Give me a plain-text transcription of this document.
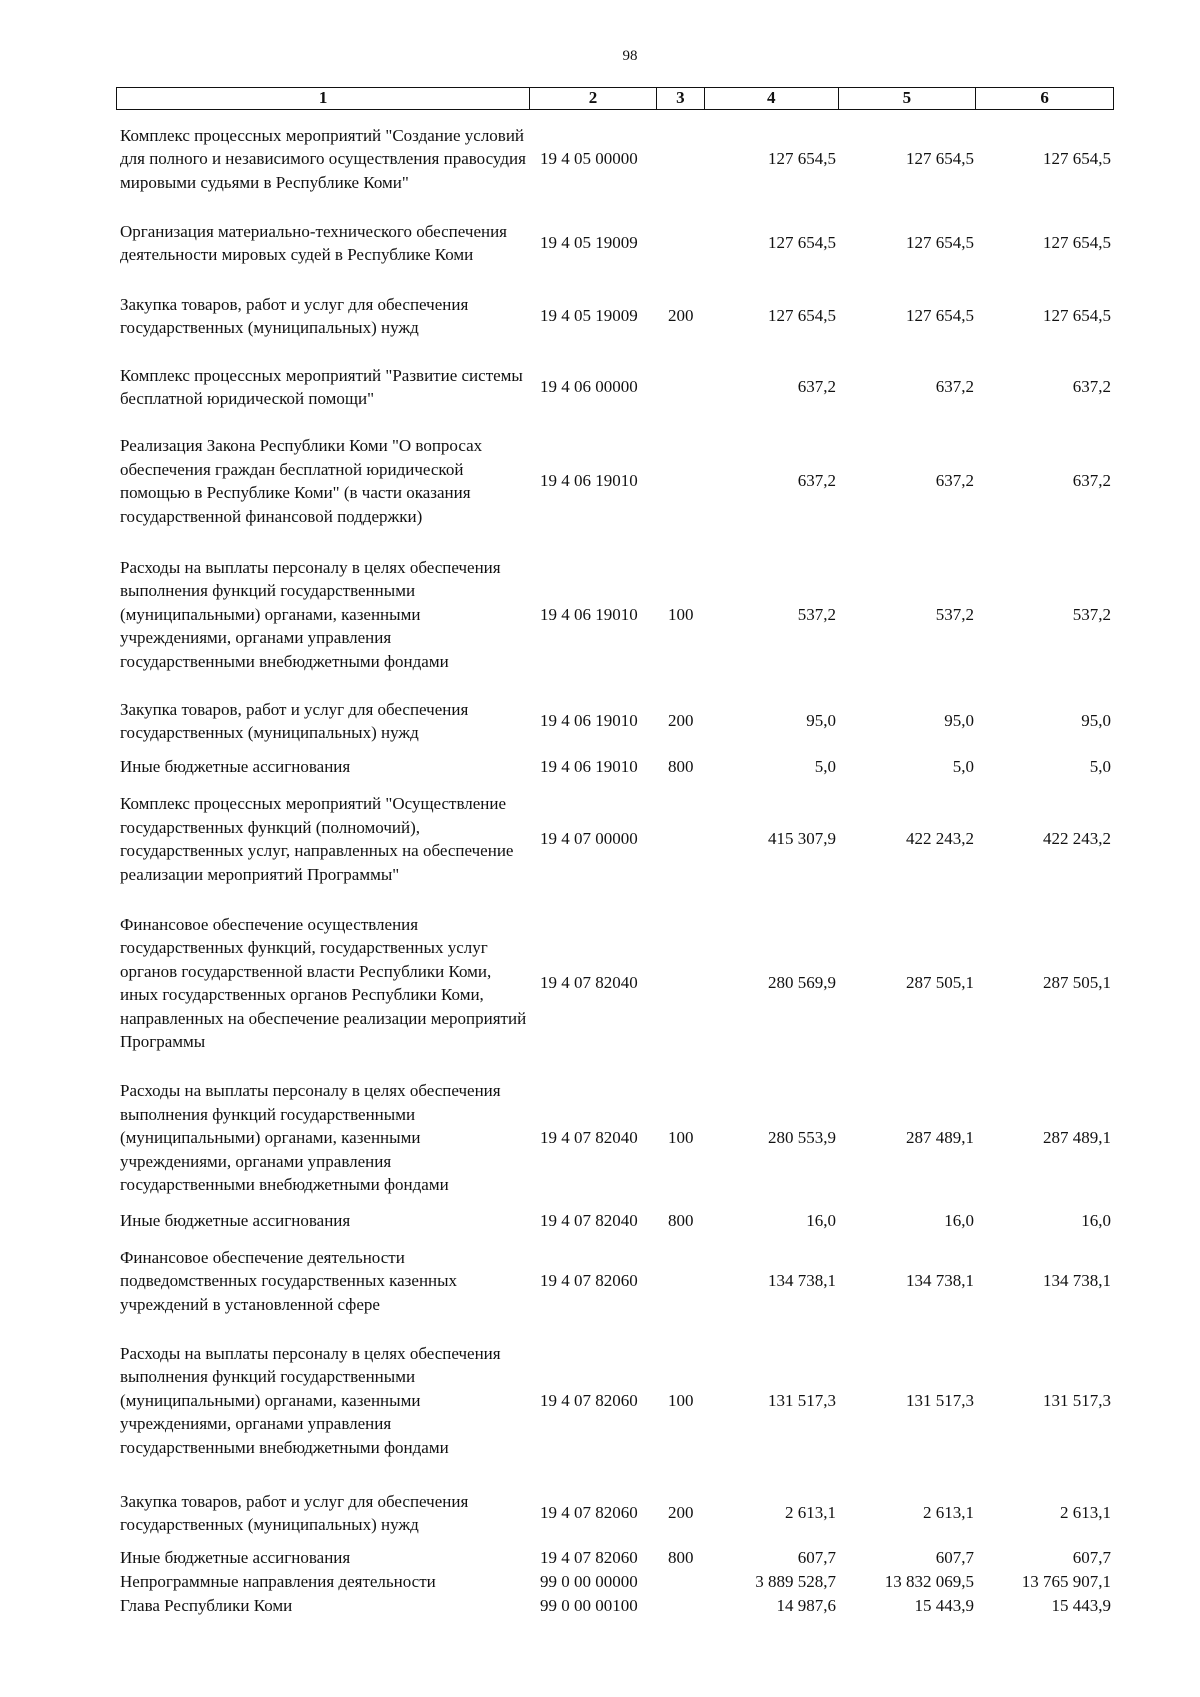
98
1	2	3	4	5	6
Комплекс процессных мероприятий "Создание условий для полного и независимого осуществления правосудия мировыми судьями в Республике Коми"
19 4 05 00000	127 654,5	127 654,5	127 654,5
Организация материально-технического обеспечения деятельности мировых судей в Республике Коми
19 4 05 19009	127 654,5	127 654,5	127 654,5
Закупка товаров, работ и услуг для обеспечения государственных (муниципальных) нужд
19 4 05 19009	200	127 654,5	127 654,5	127 654,5
Комплекс процессных мероприятий "Развитие системы бесплатной юридической помощи"
19 4 06 00000	637,2	637,2	637,2
Реализация Закона Республики Коми "О вопросах обеспечения граждан бесплатной юридической помощью в Республике Коми" (в части оказания государственной финансовой поддержки)
19 4 06 19010	637,2	637,2	637,2
Расходы на выплаты персоналу в целях обеспечения выполнения функций государственными (муниципальными) органами, казенными учреждениями, органами управления государственными внебюджетными фондами
19 4 06 19010	100	537,2	537,2	537,2
Закупка товаров, работ и услуг для обеспечения государственных (муниципальных) нужд
19 4 06 19010	200	95,0	95,0	95,0
Иные бюджетные ассигнования	19 4 06 19010	800	5,0	5,0	5,0
Комплекс процессных мероприятий "Осуществление государственных функций (полномочий), государственных услуг, направленных на обеспечение реализации мероприятий Программы"
19 4 07 00000	415 307,9	422 243,2	422 243,2
Финансовое обеспечение осуществления государственных функций, государственных услуг органов государственной власти Республики Коми, иных государственных органов Республики Коми, направленных на обеспечение реализации мероприятий Программы
19 4 07 82040	280 569,9	287 505,1	287 505,1
Расходы на выплаты персоналу в целях обеспечения выполнения функций государственными (муниципальными) органами, казенными учреждениями, органами управления государственными внебюджетными фондами
19 4 07 82040	100	280 553,9	287 489,1	287 489,1
Иные бюджетные ассигнования	19 4 07 82040	800	16,0	16,0	16,0
Финансовое обеспечение деятельности подведомственных государственных казенных учреждений в установленной сфере
19 4 07 82060	134 738,1	134 738,1	134 738,1
Расходы на выплаты персоналу в целях обеспечения выполнения функций государственными (муниципальными) органами, казенными учреждениями, органами управления государственными внебюджетными фондами
19 4 07 82060	100	131 517,3	131 517,3	131 517,3
Закупка товаров, работ и услуг для обеспечения государственных (муниципальных) нужд
19 4 07 82060	200	2 613,1	2 613,1	2 613,1
Иные бюджетные ассигнования	19 4 07 82060	800	607,7	607,7	607,7
Непрограммные направления деятельности	99 0 00 00000	3 889 528,7	13 832 069,5	13 765 907,1
Глава Республики Коми	99 0 00 00100	14 987,6	15 443,9	15 443,9
